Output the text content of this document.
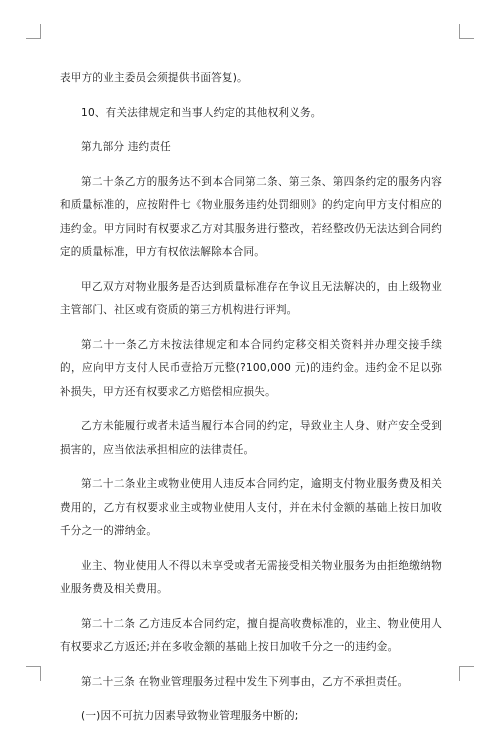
表甲方的业主委员会须提供书面答复)。

10、有关法律规定和当事人约定的其他权利义务。

第九部分 违约责任

第二十条乙方的服务达不到本合同第二条、第三条、第四条约定的服务内容和质量标准的，应按附件七《物业服务违约处罚细则》的约定向甲方支付相应的违约金。甲方同时有权要求乙方对其服务进行整改，若经整改仍无法达到合同约定的质量标准，甲方有权依法解除本合同。

甲乙双方对物业服务是否达到质量标准存在争议且无法解决的，由上级物业主管部门、社区或有资质的第三方机构进行评判。

第二十一条乙方未按法律规定和本合同约定移交相关资料并办理交接手续的，应向甲方支付人民币壹拾万元整(?100,000 元)的违约金。违约金不足以弥补损失，甲方还有权要求乙方赔偿相应损失。

乙方未能履行或者未适当履行本合同的约定，导致业主人身、财产安全受到损害的，应当依法承担相应的法律责任。

第二十二条业主或物业使用人违反本合同约定，逾期支付物业服务费及相关费用的，乙方有权要求业主或物业使用人支付，并在未付金额的基础上按日加收千分之一的滞纳金。

业主、物业使用人不得以未享受或者无需接受相关物业服务为由拒绝缴纳物业服务费及相关费用。

第二十二条 乙方违反本合同约定，擅自提高收费标准的，业主、物业使用人有权要求乙方返还;并在多收金额的基础上按日加收千分之一的违约金。

第二十三条 在物业管理服务过程中发生下列事由，乙方不承担责任。

(一)因不可抗力因素导致物业管理服务中断的;
